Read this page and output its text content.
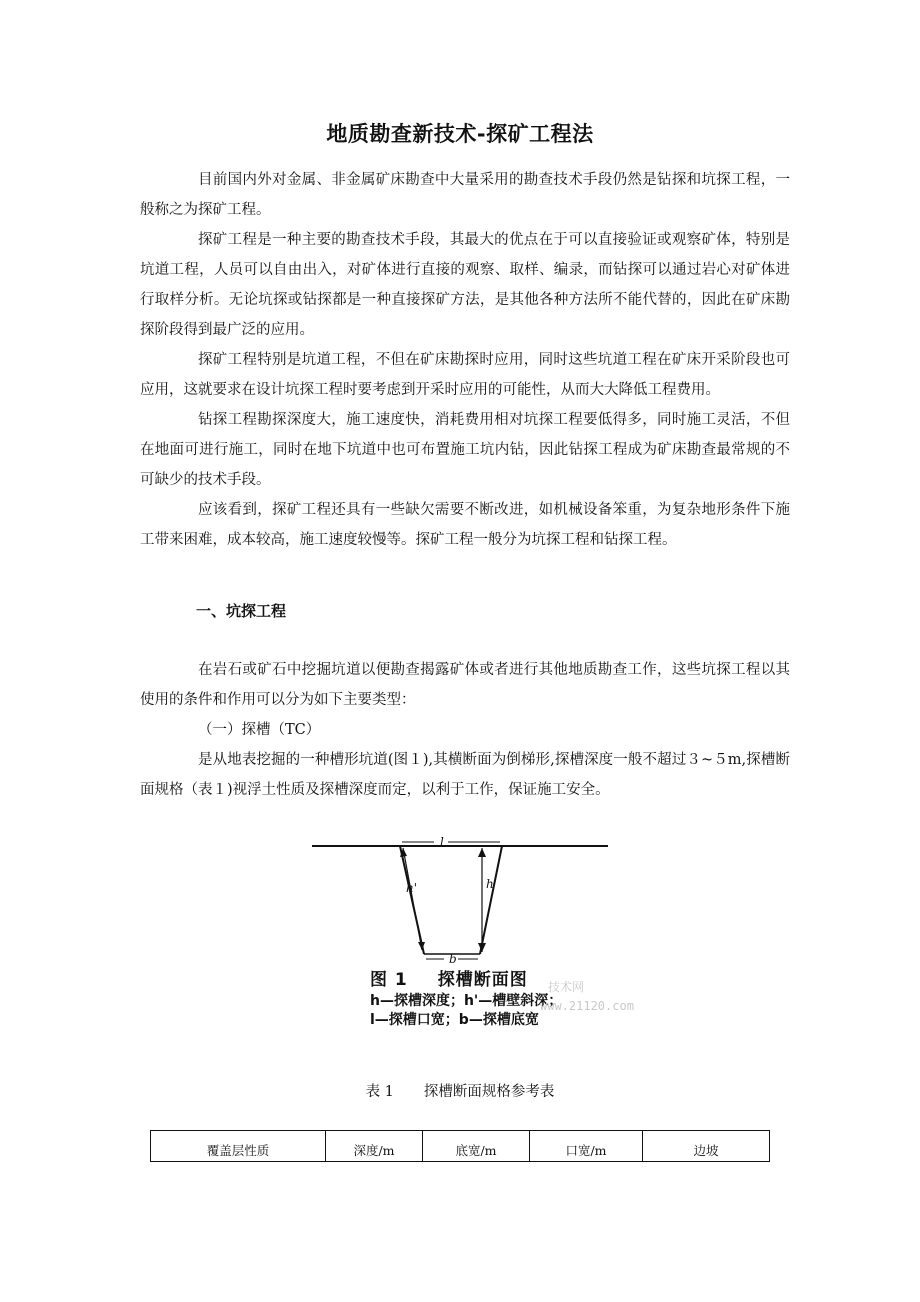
地质勘查新技术-探矿工程法

目前国内外对金属、非金属矿床勘查中大量采用的勘查技术手段仍然是钻探和坑探工程，一般称之为探矿工程。

探矿工程是一种主要的勘查技术手段，其最大的优点在于可以直接验证或观察矿体，特别是坑道工程，人员可以自由出入，对矿体进行直接的观察、取样、编录，而钻探可以通过岩心对矿体进行取样分析。无论坑探或钻探都是一种直接探矿方法，是其他各种方法所不能代替的，因此在矿床勘探阶段得到最广泛的应用。

探矿工程特别是坑道工程，不但在矿床勘探时应用，同时这些坑道工程在矿床开采阶段也可应用，这就要求在设计坑探工程时要考虑到开采时应用的可能性，从而大大降低工程费用。

钻探工程勘探深度大，施工速度快，消耗费用相对坑探工程要低得多，同时施工灵活，不但在地面可进行施工，同时在地下坑道中也可布置施工坑内钻，因此钻探工程成为矿床勘查最常规的不可缺少的技术手段。

应该看到，探矿工程还具有一些缺欠需要不断改进，如机械设备笨重，为复杂地形条件下施工带来困难，成本较高，施工速度较慢等。探矿工程一般分为坑探工程和钻探工程。

一、坑探工程

在岩石或矿石中挖掘坑道以便勘查揭露矿体或者进行其他地质勘查工作，这些坑探工程以其使用的条件和作用可以分为如下主要类型：

（一）探槽（TC）

是从地表挖掘的一种槽形坑道(图１),其横断面为倒梯形,探槽深度一般不超过３~５m,探槽断面规格（表１)视浮土性质及探槽深度而定，以利于工作，保证施工安全。

l
h'	h
b
图 1 探槽断面图
h—探槽深度；h'—槽壁斜深；
l—探槽口宽；b—探槽底宽
技术网
www.21120.com
表 1 探槽断面规格参考表
覆盖层性质	深度/m	底宽/m	口宽/m	边坡
